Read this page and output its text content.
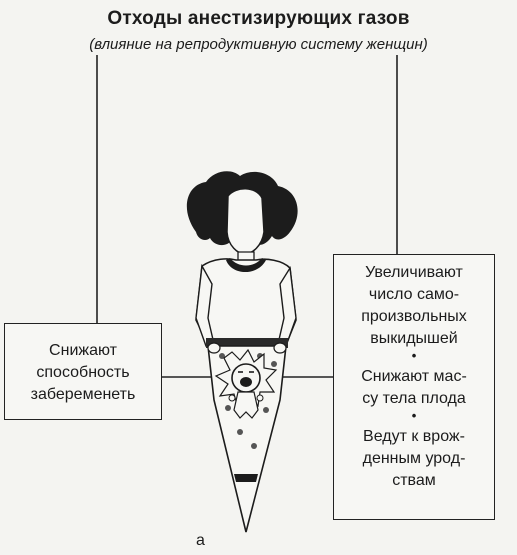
Отходы анестизирующих газов
(влияние на репродуктивную систему женщин)
Снижают
способность
забеременеть
Увеличивают
число само-
произвольных
выкидышей
•
Снижают мас-
су тела плода
•
Ведут к врож-
денным урод-
ствам
а
